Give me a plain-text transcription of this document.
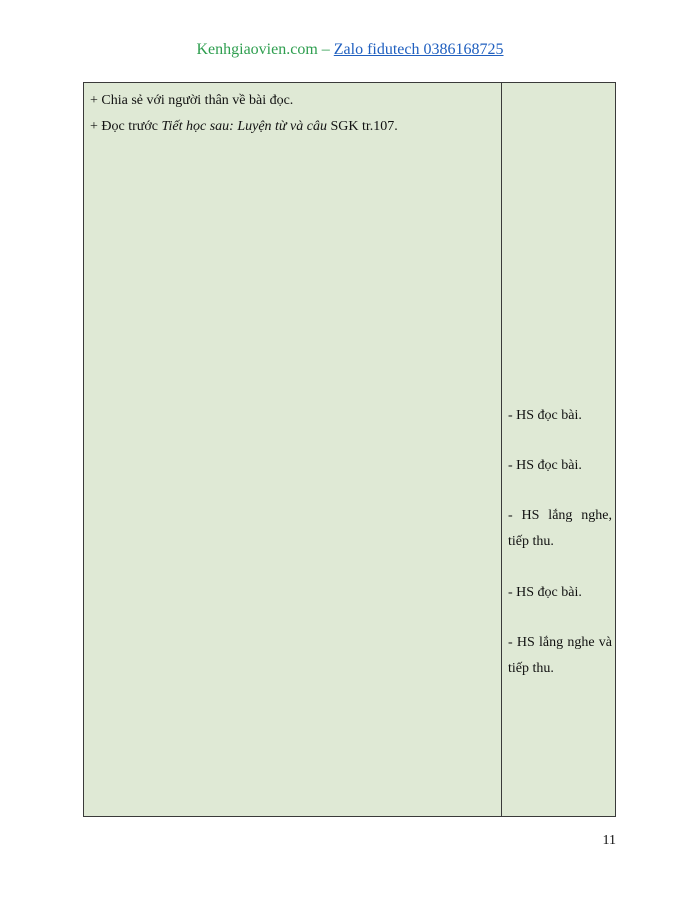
Kenhgiaovien.com – Zalo fidutech 0386168725
+ Chia sẻ với người thân về bài đọc.
+ Đọc trước Tiết học sau: Luyện từ và câu SGK tr.107.
- HS đọc bài.
- HS đọc bài.
- HS lắng nghe, tiếp thu.
- HS đọc bài.
- HS lắng nghe và tiếp thu.
11
